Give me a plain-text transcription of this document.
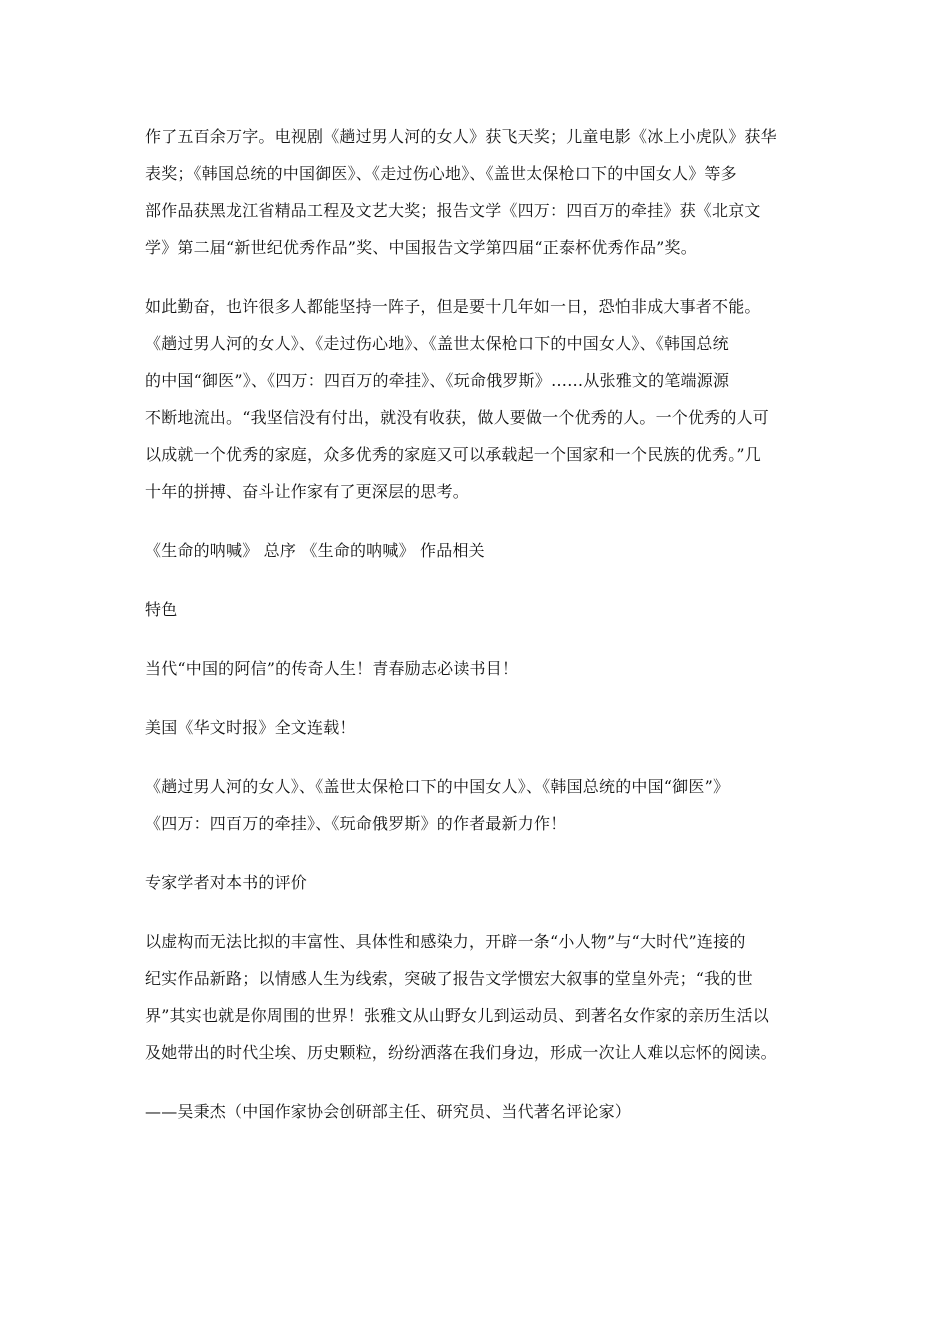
作了五百余万字。电视剧《趟过男人河的女人》获飞天奖；儿童电影《冰上小虎队》获华
表奖；《韩国总统的中国御医》、《走过伤心地》、《盖世太保枪口下的中国女人》等多
部作品获黑龙江省精品工程及文艺大奖；报告文学《四万：四百万的牵挂》获《北京文
学》第二届“新世纪优秀作品”奖、中国报告文学第四届“正泰杯优秀作品”奖。

如此勤奋，也许很多人都能坚持一阵子，但是要十几年如一日，恐怕非成大事者不能。
《趟过男人河的女人》、《走过伤心地》、《盖世太保枪口下的中国女人》、《韩国总统
的中国“御医”》、《四万：四百万的牵挂》、《玩命俄罗斯》……从张雅文的笔端源源
不断地流出。“我坚信没有付出，就没有收获，做人要做一个优秀的人。一个优秀的人可
以成就一个优秀的家庭，众多优秀的家庭又可以承载起一个国家和一个民族的优秀。”几
十年的拼搏、奋斗让作家有了更深层的思考。

《生命的呐喊》 总序 《生命的呐喊》 作品相关

特色

当代“中国的阿信”的传奇人生！青春励志必读书目！

美国《华文时报》全文连载！

《趟过男人河的女人》、《盖世太保枪口下的中国女人》、《韩国总统的中国“御医”》
《四万：四百万的牵挂》、《玩命俄罗斯》的作者最新力作！

专家学者对本书的评价

以虚构而无法比拟的丰富性、具体性和感染力，开辟一条“小人物”与“大时代”连接的
纪实作品新路；以情感人生为线索，突破了报告文学惯宏大叙事的堂皇外壳；“我的世
界”其实也就是你周围的世界！张雅文从山野女儿到运动员、到著名女作家的亲历生活以
及她带出的时代尘埃、历史颗粒，纷纷洒落在我们身边，形成一次让人难以忘怀的阅读。

——吴秉杰（中国作家协会创研部主任、研究员、当代著名评论家）
